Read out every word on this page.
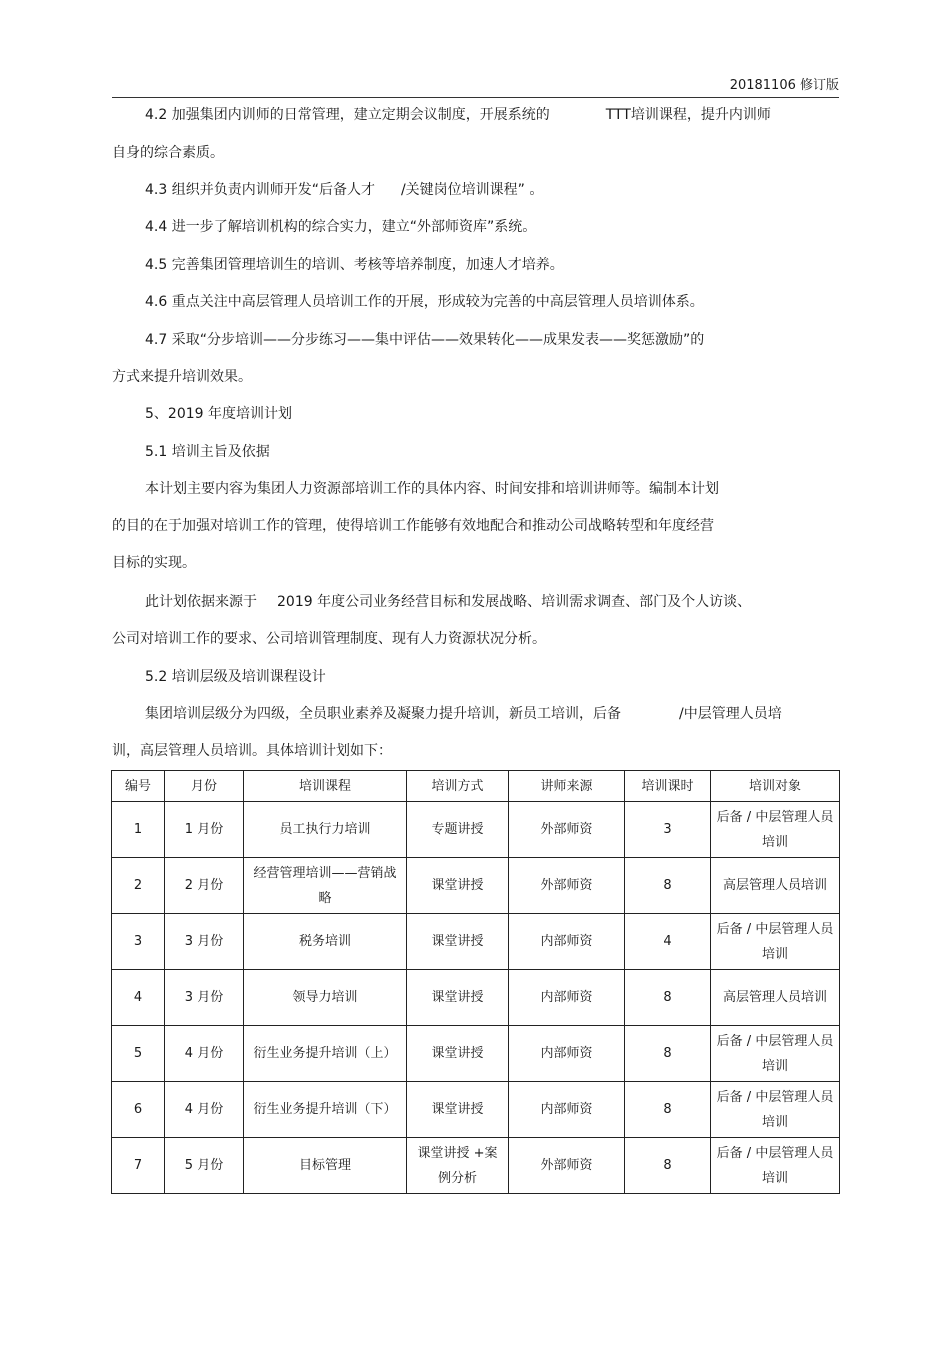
20181106 修订版

4.2 加强集团内训师的日常管理，建立定期会议制度，开展系统的	TTT培训课程，提升内训师

自身的综合素质。

4.3 组织并负责内训师开发“后备人才 /关键岗位培训课程” 。

4.4 进一步了解培训机构的综合实力，建立“外部师资库”系统。

4.5 完善集团管理培训生的培训、考核等培养制度，加速人才培养。

4.6 重点关注中高层管理人员培训工作的开展，形成较为完善的中高层管理人员培训体系。

4.7 采取“分步培训——分步练习——集中评估——效果转化——成果发表——奖惩激励”的

方式来提升培训效果。

5、2019 年度培训计划

5.1 培训主旨及依据

本计划主要内容为集团人力资源部培训工作的具体内容、时间安排和培训讲师等。编制本计划

的目的在于加强对培训工作的管理，使得培训工作能够有效地配合和推动公司战略转型和年度经营

目标的实现。

此计划依据来源于 2019 年度公司业务经营目标和发展战略、培训需求调查、部门及个人访谈、

公司对培训工作的要求、公司培训管理制度、现有人力资源状况分析。

5.2 培训层级及培训课程设计

集团培训层级分为四级，全员职业素养及凝聚力提升培训，新员工培训，后备	/中层管理人员培

训，高层管理人员培训。具体培训计划如下：

编号	月份	培训课程	培训方式	讲师来源	培训课时	培训对象
1	1 月份	员工执行力培训	专题讲授	外部师资	3	后备 / 中层管理人员培训
2	2 月份	经营管理培训——营销战略	课堂讲授	外部师资	8	高层管理人员培训
3	3 月份	税务培训	课堂讲授	内部师资	4	后备 / 中层管理人员培训
4	3 月份	领导力培训	课堂讲授	内部师资	8	高层管理人员培训
5	4 月份	衍生业务提升培训（上）	课堂讲授	内部师资	8	后备 / 中层管理人员培训
6	4 月份	衍生业务提升培训（下）	课堂讲授	内部师资	8	后备 / 中层管理人员培训
7	5 月份	目标管理	课堂讲授 +案例分析	外部师资	8	后备 / 中层管理人员培训
